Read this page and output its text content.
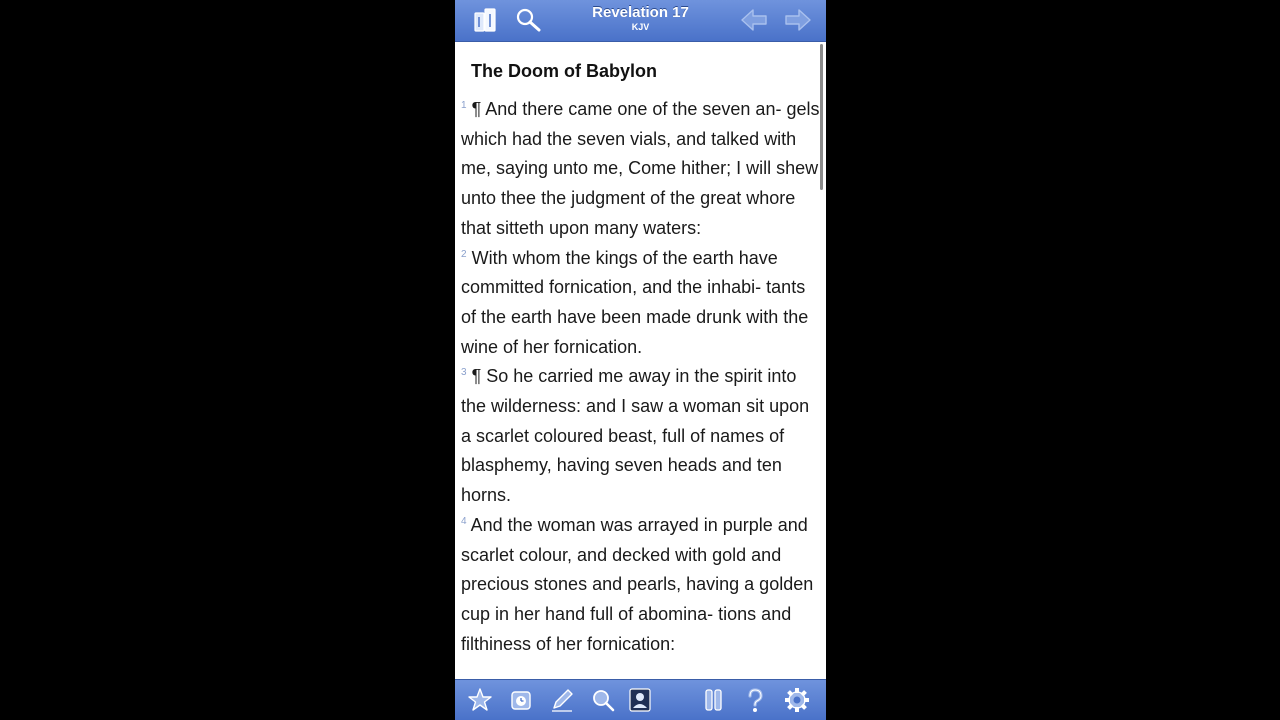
Revelation 17
KJV
The Doom of Babylon
$^1$ ¶ And there came one of the seven an- gels which had the seven vials, and talked with me, saying unto me, Come hither; I will shew unto thee the judgment of the great whore that sitteth upon many waters:
$^2$ With whom the kings of the earth have committed fornication, and the inhabi- tants of the earth have been made drunk with the wine of her fornication.
$^3$ ¶ So he carried me away in the spirit into the wilderness: and I saw a woman sit upon a scarlet coloured beast, full of names of blasphemy, having seven heads and ten horns.
$^4$ And the woman was arrayed in purple and scarlet colour, and decked with gold and precious stones and pearls, having a golden cup in her hand full of abomina- tions and filthiness of her fornication:
